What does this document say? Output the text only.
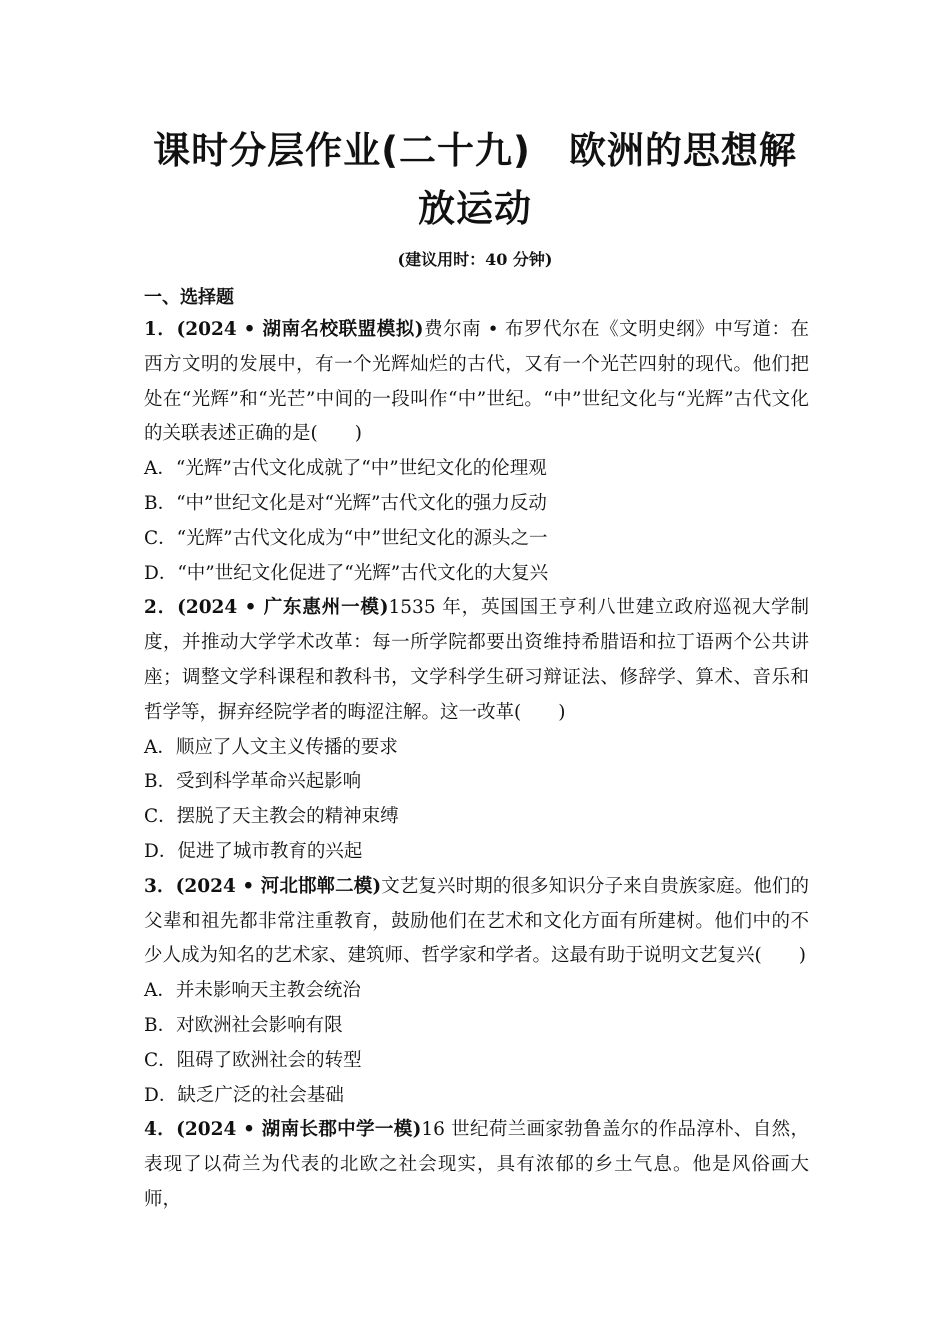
课时分层作业(二十九)　欧洲的思想解放运动
(建议用时：40 分钟)
一、选择题

1．(2024 • 湖南名校联盟模拟)费尔南 • 布罗代尔在《文明史纲》中写道：在西方文明的发展中，有一个光辉灿烂的古代，又有一个光芒四射的现代。他们把处在“光辉”和“光芒”中间的一段叫作“中”世纪。“中”世纪文化与“光辉”古代文化的关联表述正确的是(　　)

A．“光辉”古代文化成就了“中”世纪文化的伦理观

B．“中”世纪文化是对“光辉”古代文化的强力反动

C．“光辉”古代文化成为“中”世纪文化的源头之一

D．“中”世纪文化促进了“光辉”古代文化的大复兴

2．(2024 • 广东惠州一模)1535 年，英国国王亨利八世建立政府巡视大学制度，并推动大学学术改革：每一所学院都要出资维持希腊语和拉丁语两个公共讲座；调整文学科课程和教科书，文学科学生研习辩证法、修辞学、算术、音乐和哲学等，摒弃经院学者的晦涩注解。这一改革(　　)

A．顺应了人文主义传播的要求

B．受到科学革命兴起影响

C．摆脱了天主教会的精神束缚

D．促进了城市教育的兴起

3．(2024 • 河北邯郸二模)文艺复兴时期的很多知识分子来自贵族家庭。他们的父辈和祖先都非常注重教育，鼓励他们在艺术和文化方面有所建树。他们中的不少人成为知名的艺术家、建筑师、哲学家和学者。这最有助于说明文艺复兴(　　)

A．并未影响天主教会统治

B．对欧洲社会影响有限

C．阻碍了欧洲社会的转型

D．缺乏广泛的社会基础

4．(2024 • 湖南长郡中学一模)16 世纪荷兰画家勃鲁盖尔的作品淳朴、自然，表现了以荷兰为代表的北欧之社会现实，具有浓郁的乡土气息。他是风俗画大师，
